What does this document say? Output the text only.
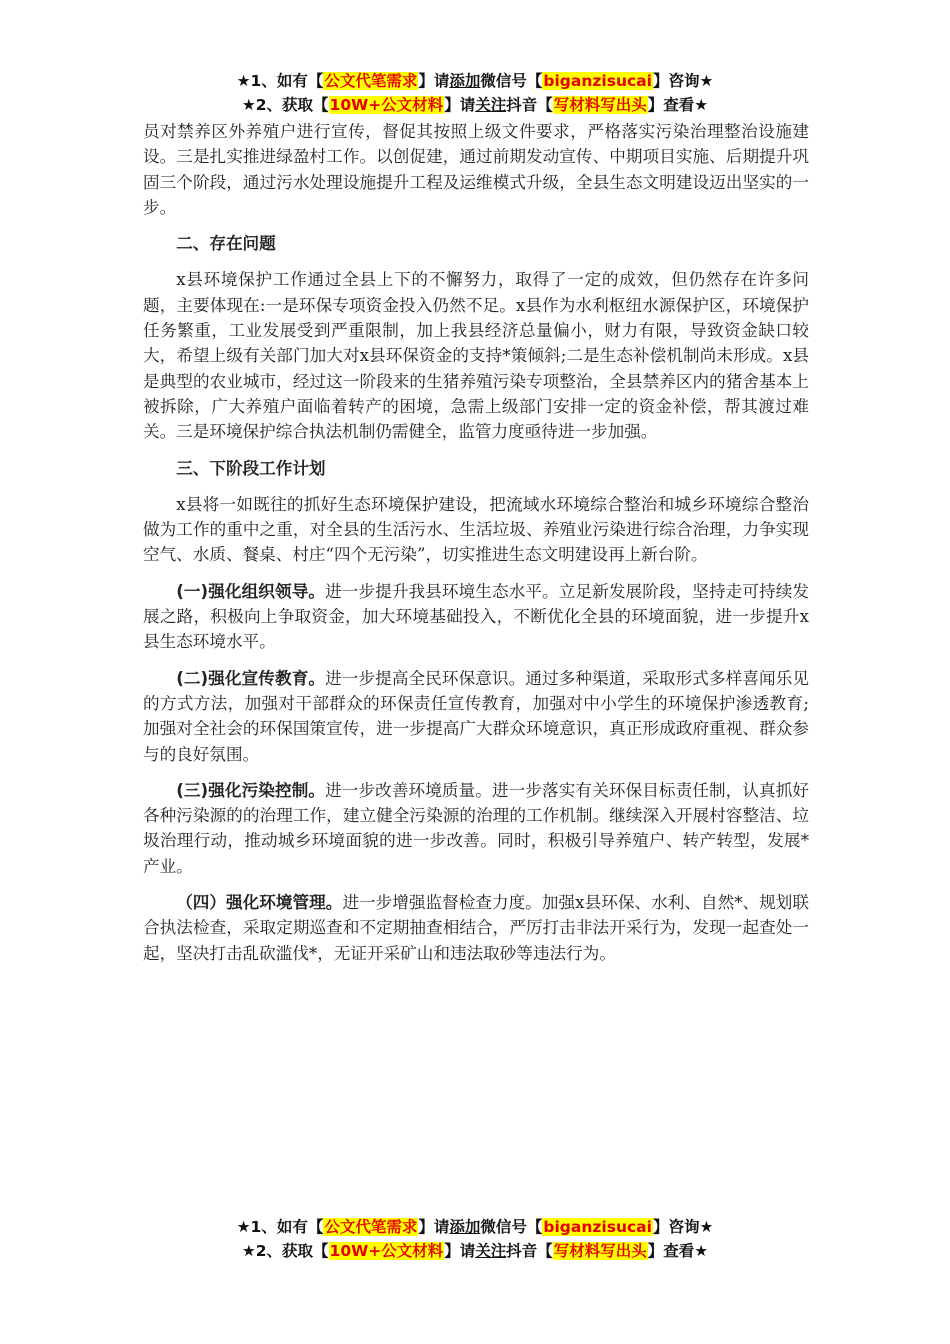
★1、如有【公文代笔需求】请添加微信号【biganzisucai】咨询★
★2、获取【10W+公文材料】请关注抖音【写材料写出头】查看★

员对禁养区外养殖户进行宣传，督促其按照上级文件要求，严格落实污染治理整治设施建设。三是扎实推进绿盈村工作。以创促建，通过前期发动宣传、中期项目实施、后期提升巩固三个阶段，通过污水处理设施提升工程及运维模式升级，全县生态文明建设迈出坚实的一步。

二、存在问题

x县环境保护工作通过全县上下的不懈努力，取得了一定的成效，但仍然存在许多问题，主要体现在:一是环保专项资金投入仍然不足。x县作为水利枢纽水源保护区，环境保护任务繁重，工业发展受到严重限制，加上我县经济总量偏小，财力有限，导致资金缺口较大，希望上级有关部门加大对x县环保资金的支持*策倾斜;二是生态补偿机制尚未形成。x县是典型的农业城市，经过这一阶段来的生猪养殖污染专项整治，全县禁养区内的猪舍基本上被拆除，广大养殖户面临着转产的困境，急需上级部门安排一定的资金补偿，帮其渡过难关。三是环境保护综合执法机制仍需健全，监管力度亟待进一步加强。

三、下阶段工作计划

x县将一如既往的抓好生态环境保护建设，把流域水环境综合整治和城乡环境综合整治做为工作的重中之重，对全县的生活污水、生活垃圾、养殖业污染进行综合治理，力争实现空气、水质、餐桌、村庄“四个无污染”，切实推进生态文明建设再上新台阶。

(一)强化组织领导。进一步提升我县环境生态水平。立足新发展阶段，坚持走可持续发展之路，积极向上争取资金，加大环境基础投入，不断优化全县的环境面貌，进一步提升x县生态环境水平。

(二)强化宣传教育。进一步提高全民环保意识。通过多种渠道，采取形式多样喜闻乐见的方式方法，加强对干部群众的环保责任宣传教育，加强对中小学生的环境保护渗透教育;加强对全社会的环保国策宣传，进一步提高广大群众环境意识，真正形成政府重视、群众参与的良好氛围。

(三)强化污染控制。进一步改善环境质量。进一步落实有关环保目标责任制，认真抓好各种污染源的的治理工作，建立健全污染源的治理的工作机制。继续深入开展村容整洁、垃圾治理行动，推动城乡环境面貌的进一步改善。同时，积极引导养殖户、转产转型，发展*产业。

（四）强化环境管理。进一步增强监督检查力度。加强x县环保、水利、自然*、规划联合执法检查，采取定期巡查和不定期抽查相结合，严厉打击非法开采行为，发现一起查处一起，坚决打击乱砍滥伐*，无证开采矿山和违法取砂等违法行为。

★1、如有【公文代笔需求】请添加微信号【biganzisucai】咨询★
★2、获取【10W+公文材料】请关注抖音【写材料写出头】查看★
